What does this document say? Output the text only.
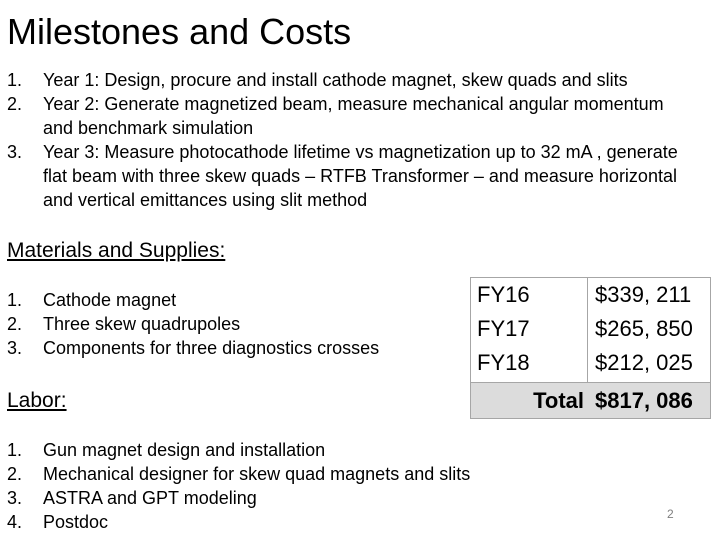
Milestones and Costs
1. Year 1: Design, procure and install cathode magnet, skew quads and slits
2. Year 2: Generate magnetized beam, measure mechanical angular momentum and benchmark simulation
3. Year 3: Measure photocathode lifetime vs magnetization up to 32 mA , generate flat beam with three skew quads – RTFB Transformer – and measure horizontal and vertical emittances using slit method
Materials and Supplies:
1. Cathode magnet
2. Three skew quadrupoles
3. Components for three diagnostics crosses
Labor:
1. Gun magnet design and installation
2. Mechanical designer for skew quad magnets and slits
3. ASTRA and GPT modeling
4. Postdoc
FY16	$339, 211
FY17	$265, 850
FY18	$212, 025
Total $817, 086
2
